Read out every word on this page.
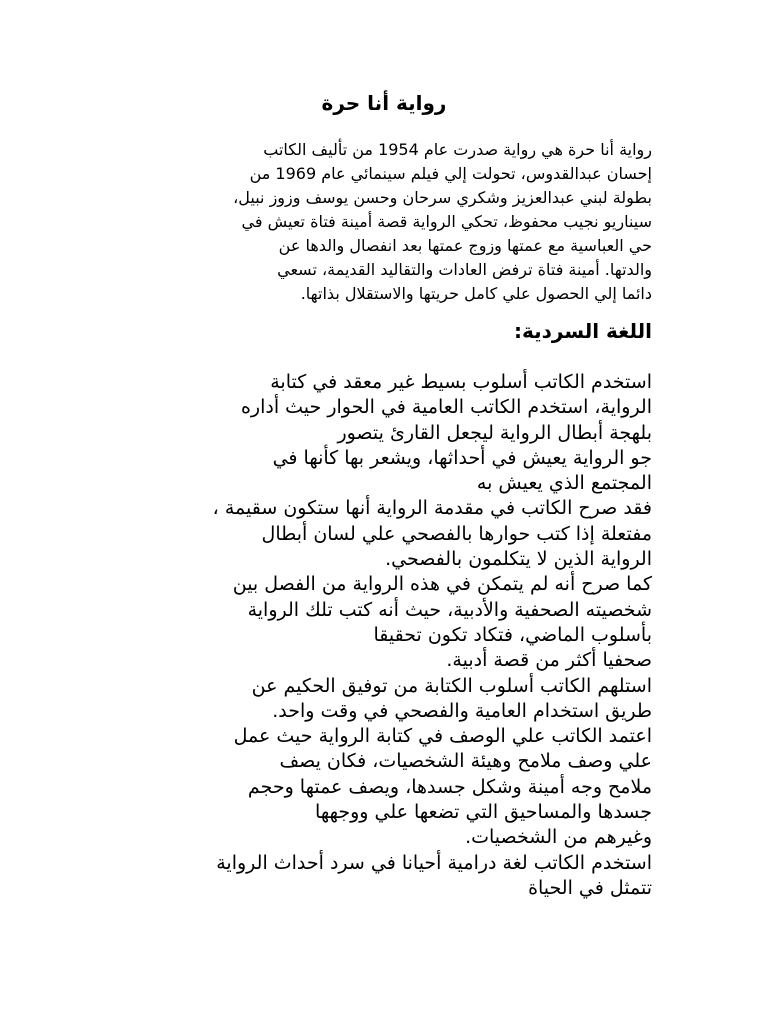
رواية أنا حرة
رواية أنا حرة هي رواية صدرت عام 1954 من تأليف الكاتب
إحسان عبدالقدوس، تحولت إلي فيلم سينمائي عام 1969 من
بطولة لبني عبدالعزيز وشكري سرحان وحسن يوسف وزوز نبيل،
سيناريو نجيب محفوظ، تحكي الرواية قصة أمينة فتاة تعيش في
حي العباسية مع عمتها وزوج عمتها بعد انفصال والدها عن
والدتها. أمينة فتاة ترفض العادات والتقاليد القديمة، تسعي
دائما إلي الحصول علي كامل حريتها والاستقلال بذاتها.
اللغة السردية:
استخدم الكاتب أسلوب بسيط غير معقد في كتابة
الرواية، استخدم الكاتب العامية في الحوار حيث أداره
بلهجة أبطال الرواية ليجعل القارئ يتصور
جو الرواية يعيش في أحداثها، ويشعر بها كأنها في
المجتمع الذي يعيش به
فقد صرح الكاتب في مقدمة الرواية أنها ستكون سقيمة ،
مفتعلة إذا كتب حوارها بالفصحي علي لسان أبطال
الرواية الذين لا يتكلمون بالفصحي.
كما صرح أنه لم يتمكن في هذه الرواية من الفصل بين
شخصيته الصحفية والأدبية، حيث أنه كتب تلك الرواية
بأسلوب الماضي، فتكاد تكون تحقيقا
صحفيا أكثر من قصة أدبية.
استلهم الكاتب أسلوب الكتابة من توفيق الحكيم عن
طريق استخدام العامية والفصحي في وقت واحد.
اعتمد الكاتب علي الوصف في كتابة الرواية حيث عمل
علي وصف ملامح وهيئة الشخصيات، فكان يصف
ملامح وجه أمينة وشكل جسدها، ويصف عمتها وحجم
جسدها والمساحيق التي تضعها علي ووجهها
وغيرهم من الشخصيات.
استخدم الكاتب لغة درامية أحيانا في سرد أحداث الرواية
تتمثل في الحياة
